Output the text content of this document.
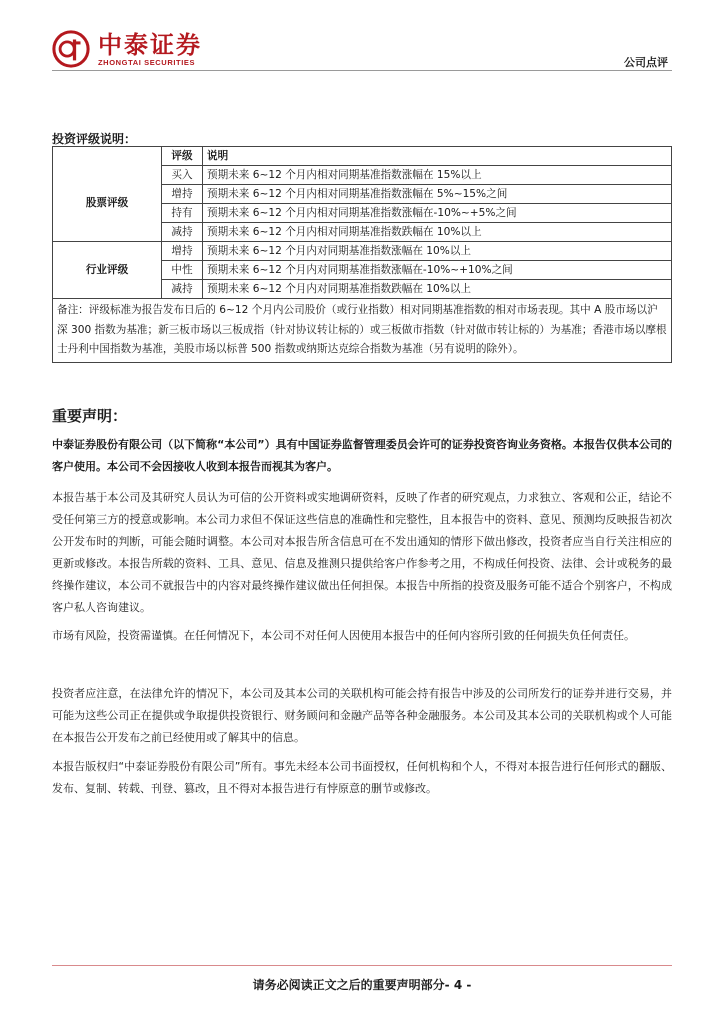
中泰证券
ZHONGTAI SECURITIES	公司点评
投资评级说明：
	评级	说明
股票评级	买入	预期未来 6~12 个月内相对同期基准指数涨幅在 15%以上
	增持	预期未来 6~12 个月内相对同期基准指数涨幅在 5%~15%之间
	持有	预期未来 6~12 个月内相对同期基准指数涨幅在-10%~+5%之间
	减持	预期未来 6~12 个月内相对同期基准指数跌幅在 10%以上
行业评级	增持	预期未来 6~12 个月内对同期基准指数涨幅在 10%以上
	中性	预期未来 6~12 个月内对同期基准指数涨幅在-10%~+10%之间
	减持	预期未来 6~12 个月内对同期基准指数跌幅在 10%以上
备注：评级标准为报告发布日后的 6~12 个月内公司股价（或行业指数）相对同期基准指数的相对市场表现。其中 A 股市场以沪深 300 指数为基准；新三板市场以三板成指（针对协议转让标的）或三板做市指数（针对做市转让标的）为基准；香港市场以摩根士丹利中国指数为基准，美股市场以标普 500 指数或纳斯达克综合指数为基准（另有说明的除外）。		
重要声明：
中泰证券股份有限公司（以下简称“本公司”）具有中国证券监督管理委员会许可的证券投资咨询业务资格。本报告仅供本公司的客户使用。本公司不会因接收人收到本报告而视其为客户。
本报告基于本公司及其研究人员认为可信的公开资料或实地调研资料，反映了作者的研究观点，力求独立、客观和公正，结论不受任何第三方的授意或影响。本公司力求但不保证这些信息的准确性和完整性，且本报告中的资料、意见、预测均反映报告初次公开发布时的判断，可能会随时调整。本公司对本报告所含信息可在不发出通知的情形下做出修改，投资者应当自行关注相应的更新或修改。本报告所载的资料、工具、意见、信息及推测只提供给客户作参考之用，不构成任何投资、法律、会计或税务的最终操作建议，本公司不就报告中的内容对最终操作建议做出任何担保。本报告中所指的投资及服务可能不适合个别客户，不构成客户私人咨询建议。
市场有风险，投资需谨慎。在任何情况下，本公司不对任何人因使用本报告中的任何内容所引致的任何损失负任何责任。
投资者应注意，在法律允许的情况下，本公司及其本公司的关联机构可能会持有报告中涉及的公司所发行的证券并进行交易，并可能为这些公司正在提供或争取提供投资银行、财务顾问和金融产品等各种金融服务。本公司及其本公司的关联机构或个人可能在本报告公开发布之前已经使用或了解其中的信息。
本报告版权归“中泰证券股份有限公司”所有。事先未经本公司书面授权，任何机构和个人，不得对本报告进行任何形式的翻版、发布、复制、转载、刊登、篡改，且不得对本报告进行有悖原意的删节或修改。
请务必阅读正文之后的重要声明部分- 4 -
